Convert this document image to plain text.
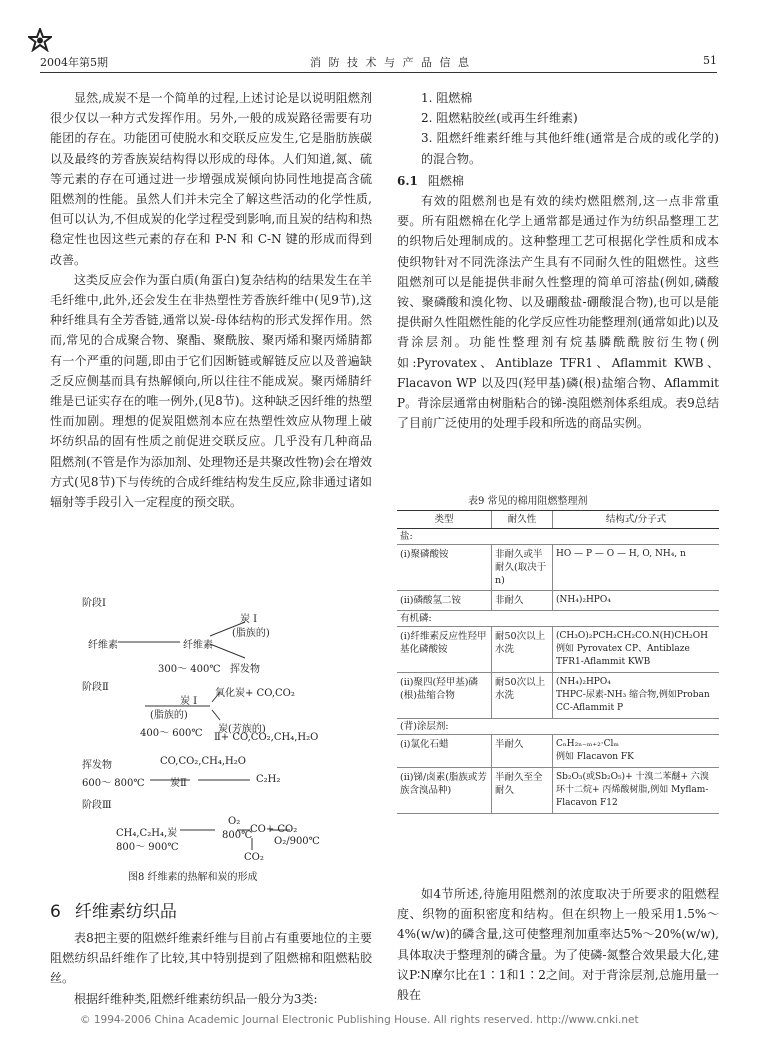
2004年第5期	消 防 技 术 与 产 品 信 息	51

显然,成炭不是一个简单的过程,上述讨论是以说明阻燃剂很少仅以一种方式发挥作用。另外,一般的成炭路径需要有功能团的存在。功能团可使脱水和交联反应发生,它是脂肪族碳以及最终的芳香族炭结构得以形成的母体。人们知道,氮、硫等元素的存在可通过进一步增强成炭倾向协同性地提高含硫阻燃剂的性能。虽然人们并未完全了解这些活动的化学性质,但可以认为,不但成炭的化学过程受到影响,而且炭的结构和热稳定性也因这些元素的存在和 P-N 和 C-N 键的形成而得到改善。

这类反应会作为蛋白质(角蛋白)复杂结构的结果发生在羊毛纤维中,此外,还会发生在非热塑性芳香族纤维中(见9节),这种纤维具有全芳香链,通常以炭-母体结构的形式发挥作用。然而,常见的合成聚合物、聚酯、聚酰胺、聚丙烯和聚丙烯腈都有一个严重的问题,即由于它们因断链或解链反应以及普遍缺乏反应侧基而具有热解倾向,所以往往不能成炭。聚丙烯腈纤维是已证实存在的唯一例外,(见8节)。这种缺乏因纤维的热塑性而加剧。理想的促炭阻燃剂本应在热塑性效应从物理上破坏纺织品的固有性质之前促进交联反应。几乎没有几种商品阻燃剂(不管是作为添加剂、处理物还是共聚改性物)会在增效方式(见8节)下与传统的合成纤维结构发生反应,除非通过诸如辐射等手段引入一定程度的预交联。

阶段Ⅰ
炭 Ⅰ
(脂族的)
纤维素	纤维素
挥发物
300～ 400℃
阶段Ⅱ
炭 Ⅰ
氧化炭+ CO,CO₂
(脂族的)
400～ 600℃ 炭(芳族的)
Ⅱ+ CO,CO₂,CH₄,H₂O
挥发物	CO,CO₂,CH₄,H₂O
600～ 800℃	炭Ⅱ	C₂H₂
阶段Ⅲ
O₂
CH₄,C₂H₄,炭	800℃
CO+ CO₂
O₂/900℃
800～ 900℃
CO₂
图8 纤维素的热解和炭的形成
6 纤维素纺织品

表8把主要的阻燃纤维素纤维与目前占有重要地位的主要阻燃纺织品纤维作了比较,其中特别提到了阻燃棉和阻燃粘胶丝。

根据纤维种类,阻燃纤维素纺织品一般分为3类:

1. 阻燃棉
2. 阻燃粘胶丝(或再生纤维素)
3. 阻燃纤维素纤维与其他纤维(通常是合成的或化学的)的混合物。
6.1 阻燃棉

有效的阻燃剂也是有效的续灼燃阻燃剂,这一点非常重要。所有阻燃棉在化学上通常都是通过作为纺织品整理工艺的织物后处理制成的。这种整理工艺可根据化学性质和成本使织物针对不同洗涤法产生具有不同耐久性的阻燃性。这些阻燃剂可以是能提供非耐久性整理的简单可溶盐(例如,磷酸铵、聚磷酸和溴化物、以及硼酸盐-硼酸混合物),也可以是能提供耐久性阻燃性能的化学反应性功能整理剂(通常如此)以及背涂层剂。功能性整理剂有烷基膦酰酰胺衍生物(例如:Pyrovatex、Antiblaze TFR1、Aflammit KWB、Flacavon WP 以及四(羟甲基)磷(根)盐缩合物、Aflammit P。背涂层通常由树脂粘合的锑-溴阻燃剂体系组成。表9总结了目前广泛使用的处理手段和所选的商品实例。

表9 常见的棉用阻燃整理剂
类型	耐久性	结构式/分子式
盐:		
(i)聚磷酸铵	非耐久或半耐久(取决于n)	HO — P — O — H, O, NH₄, n
(ii)磷酸氢二铵	非耐久	(NH₄)₂HPO₄
有机磷:		
(i)纤维素反应性羟甲基化磷酸铵	耐50次以上水洗	(CH₃O)₂PCH₂CH₂CO.N(H)CH₂OH
例如 Pyrovatex CP、Antiblaze TFR1-Aflammit KWB

(ii)聚四(羟甲基)磷(根)盐缩合物	耐50次以上水洗	(NH₄)₂HPO₄
THPC-尿素-NH₃ 缩合物,例如Proban CC-Aflammit P

(背)涂层剂:		
(i)氯化石蜡	半耐久	CₙH₂ₙ₋ₘ₊₂·Clₘ
例如 Flacavon FK

(ii)锑/卤素(脂族或芳族含溴品种)	半耐久至全耐久	Sb₂O₃(或Sb₂O₅)+ 十溴二苯醚+ 六溴环十二烷+ 丙烯酸树脂,例如 Myflam-Flacavon F12

如4节所述,待施用阻燃剂的浓度取决于所要求的阻燃程度、织物的面积密度和结构。但在织物上一般采用1.5%～4%(w/w)的磷含量,这可使整理剂加重率达5%～20%(w/w),具体取决于整理剂的磷含量。为了使磷-氮整合效果最大化,建议P∶N摩尔比在1∶1和1∶2之间。对于背涂层剂,总施用量一般在

© 1994-2006 China Academic Journal Electronic Publishing House. All rights reserved. http://www.cnki.net
